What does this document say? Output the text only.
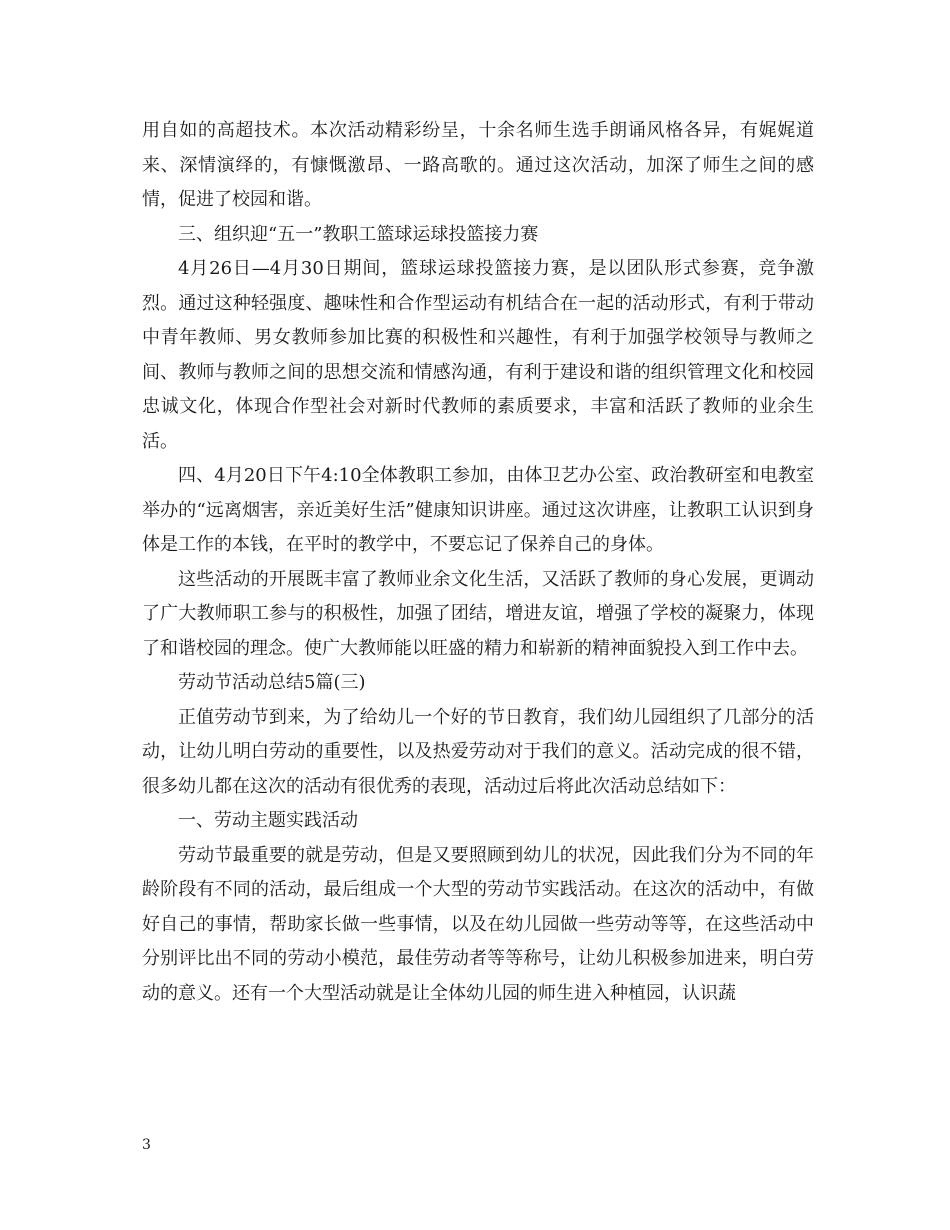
用自如的高超技术。本次活动精彩纷呈，十余名师生选手朗诵风格各异，有娓娓道来、深情演绎的，有慷慨激昂、一路高歌的。通过这次活动，加深了师生之间的感情，促进了校园和谐。

三、组织迎“五一”教职工篮球运球投篮接力赛

4月26日—4月30日期间，篮球运球投篮接力赛，是以团队形式参赛，竞争激烈。通过这种轻强度、趣味性和合作型运动有机结合在一起的活动形式，有利于带动中青年教师、男女教师参加比赛的积极性和兴趣性，有利于加强学校领导与教师之间、教师与教师之间的思想交流和情感沟通，有利于建设和谐的组织管理文化和校园忠诚文化，体现合作型社会对新时代教师的素质要求，丰富和活跃了教师的业余生活。

四、4月20日下午4:10全体教职工参加，由体卫艺办公室、政治教研室和电教室举办的“远离烟害，亲近美好生活”健康知识讲座。通过这次讲座，让教职工认识到身体是工作的本钱，在平时的教学中，不要忘记了保养自己的身体。

这些活动的开展既丰富了教师业余文化生活，又活跃了教师的身心发展，更调动了广大教师职工参与的积极性，加强了团结，增进友谊，增强了学校的凝聚力，体现了和谐校园的理念。使广大教师能以旺盛的精力和崭新的精神面貌投入到工作中去。

劳动节活动总结5篇(三)

正值劳动节到来，为了给幼儿一个好的节日教育，我们幼儿园组织了几部分的活动，让幼儿明白劳动的重要性，以及热爱劳动对于我们的意义。活动完成的很不错，很多幼儿都在这次的活动有很优秀的表现，活动过后将此次活动总结如下：

一、劳动主题实践活动

劳动节最重要的就是劳动，但是又要照顾到幼儿的状况，因此我们分为不同的年龄阶段有不同的活动，最后组成一个大型的劳动节实践活动。在这次的活动中，有做好自己的事情，帮助家长做一些事情，以及在幼儿园做一些劳动等等，在这些活动中分别评比出不同的劳动小模范，最佳劳动者等等称号，让幼儿积极参加进来，明白劳动的意义。还有一个大型活动就是让全体幼儿园的师生进入种植园，认识蔬

3
